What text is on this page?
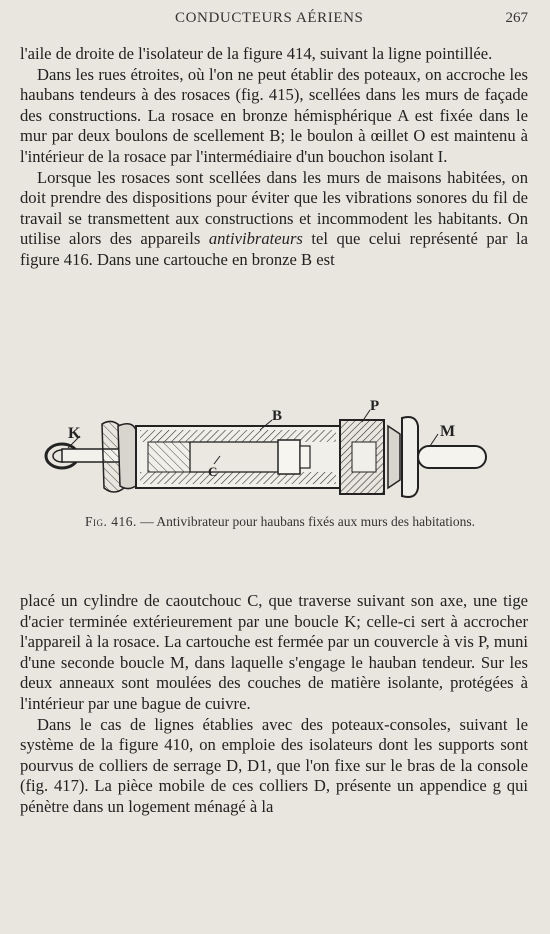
CONDUCTEURS AÉRIENS	267

l'aile de droite de l'isolateur de la figure 414, suivant la ligne pointillée.

Dans les rues étroites, où l'on ne peut établir des poteaux, on accroche les haubans tendeurs à des rosaces (fig. 415), scellées dans les murs de façade des constructions. La rosace en bronze hémisphérique A est fixée dans le mur par deux boulons de scellement B; le boulon à œillet O est maintenu à l'intérieur de la rosace par l'intermédiaire d'un bouchon isolant I.

Lorsque les rosaces sont scellées dans les murs de maisons habitées, on doit prendre des dispositions pour éviter que les vibrations sonores du fil de travail se transmettent aux constructions et incommodent les habitants. On utilise alors des appareils antivibrateurs tel que celui représenté par la figure 416. Dans une cartouche en bronze B est

K
B
P
M
C
Fig. 416. — Antivibrateur pour haubans fixés aux murs des habitations.

placé un cylindre de caoutchouc C, que traverse suivant son axe, une tige d'acier terminée extérieurement par une boucle K; celle-ci sert à accrocher l'appareil à la rosace. La cartouche est fermée par un couvercle à vis P, muni d'une seconde boucle M, dans laquelle s'engage le hauban tendeur. Sur les deux anneaux sont moulées des couches de matière isolante, protégées à l'intérieur par une bague de cuivre.

Dans le cas de lignes établies avec des poteaux-consoles, suivant le système de la figure 410, on emploie des isolateurs dont les supports sont pourvus de colliers de serrage D, D1, que l'on fixe sur le bras de la console (fig. 417). La pièce mobile de ces colliers D, présente un appendice g qui pénètre dans un logement ménagé à la
